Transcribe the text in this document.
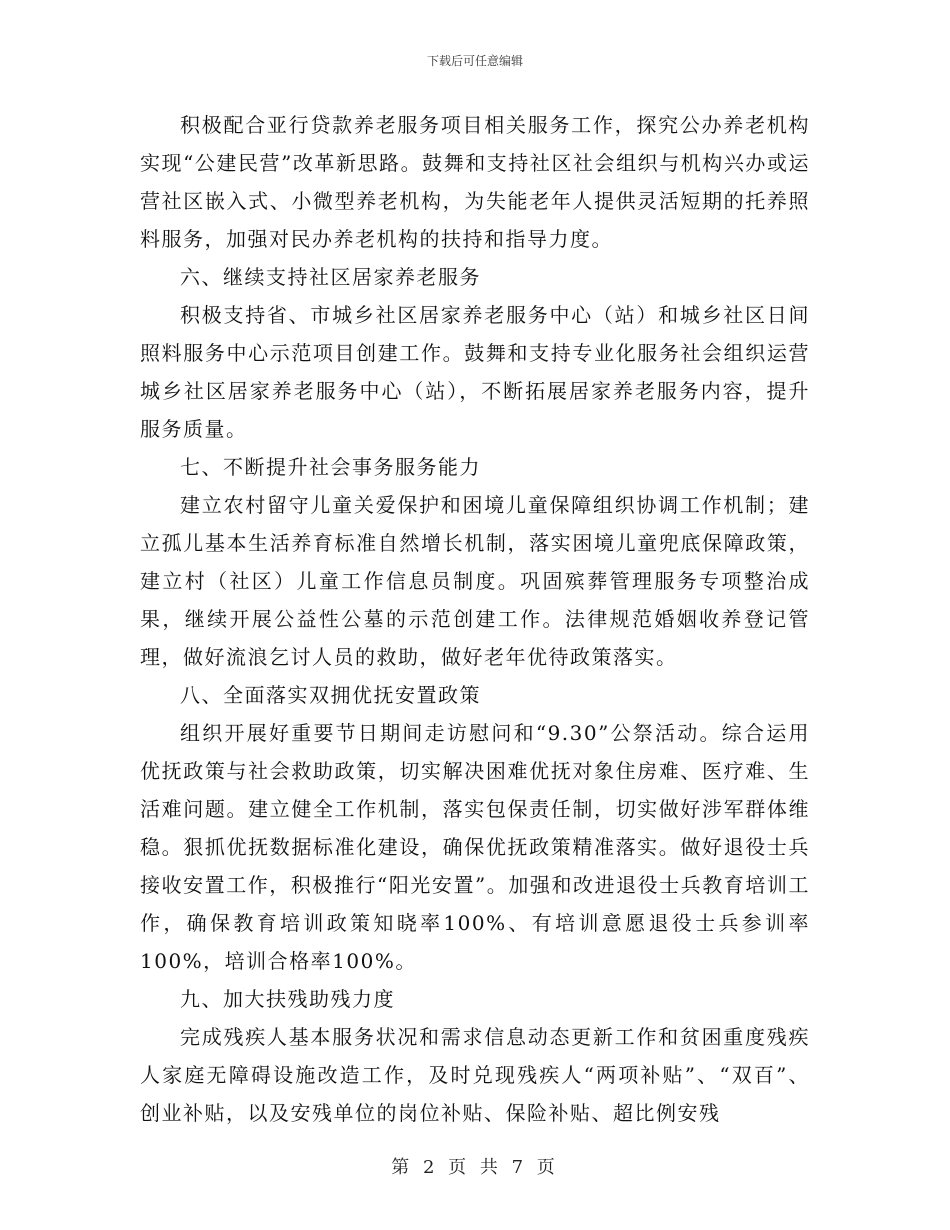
下载后可任意编辑

积极配合亚行贷款养老服务项目相关服务工作，探究公办养老机构实现“公建民营”改革新思路。鼓舞和支持社区社会组织与机构兴办或运营社区嵌入式、小微型养老机构，为失能老年人提供灵活短期的托养照料服务，加强对民办养老机构的扶持和指导力度。

六、继续支持社区居家养老服务

积极支持省、市城乡社区居家养老服务中心（站）和城乡社区日间照料服务中心示范项目创建工作。鼓舞和支持专业化服务社会组织运营城乡社区居家养老服务中心（站），不断拓展居家养老服务内容，提升服务质量。

七、不断提升社会事务服务能力

建立农村留守儿童关爱保护和困境儿童保障组织协调工作机制；建立孤儿基本生活养育标准自然增长机制，落实困境儿童兜底保障政策，建立村（社区）儿童工作信息员制度。巩固殡葬管理服务专项整治成果，继续开展公益性公墓的示范创建工作。法律规范婚姻收养登记管理，做好流浪乞讨人员的救助，做好老年优待政策落实。

八、全面落实双拥优抚安置政策

组织开展好重要节日期间走访慰问和“9.30”公祭活动。综合运用优抚政策与社会救助政策，切实解决困难优抚对象住房难、医疗难、生活难问题。建立健全工作机制，落实包保责任制，切实做好涉军群体维稳。狠抓优抚数据标准化建设，确保优抚政策精准落实。做好退役士兵接收安置工作，积极推行“阳光安置”。加强和改进退役士兵教育培训工作，确保教育培训政策知晓率100%、有培训意愿退役士兵参训率100%，培训合格率100%。

九、加大扶残助残力度

完成残疾人基本服务状况和需求信息动态更新工作和贫困重度残疾人家庭无障碍设施改造工作，及时兑现残疾人“两项补贴”、“双百”、创业补贴，以及安残单位的岗位补贴、保险补贴、超比例安残

第 2 页 共 7 页
